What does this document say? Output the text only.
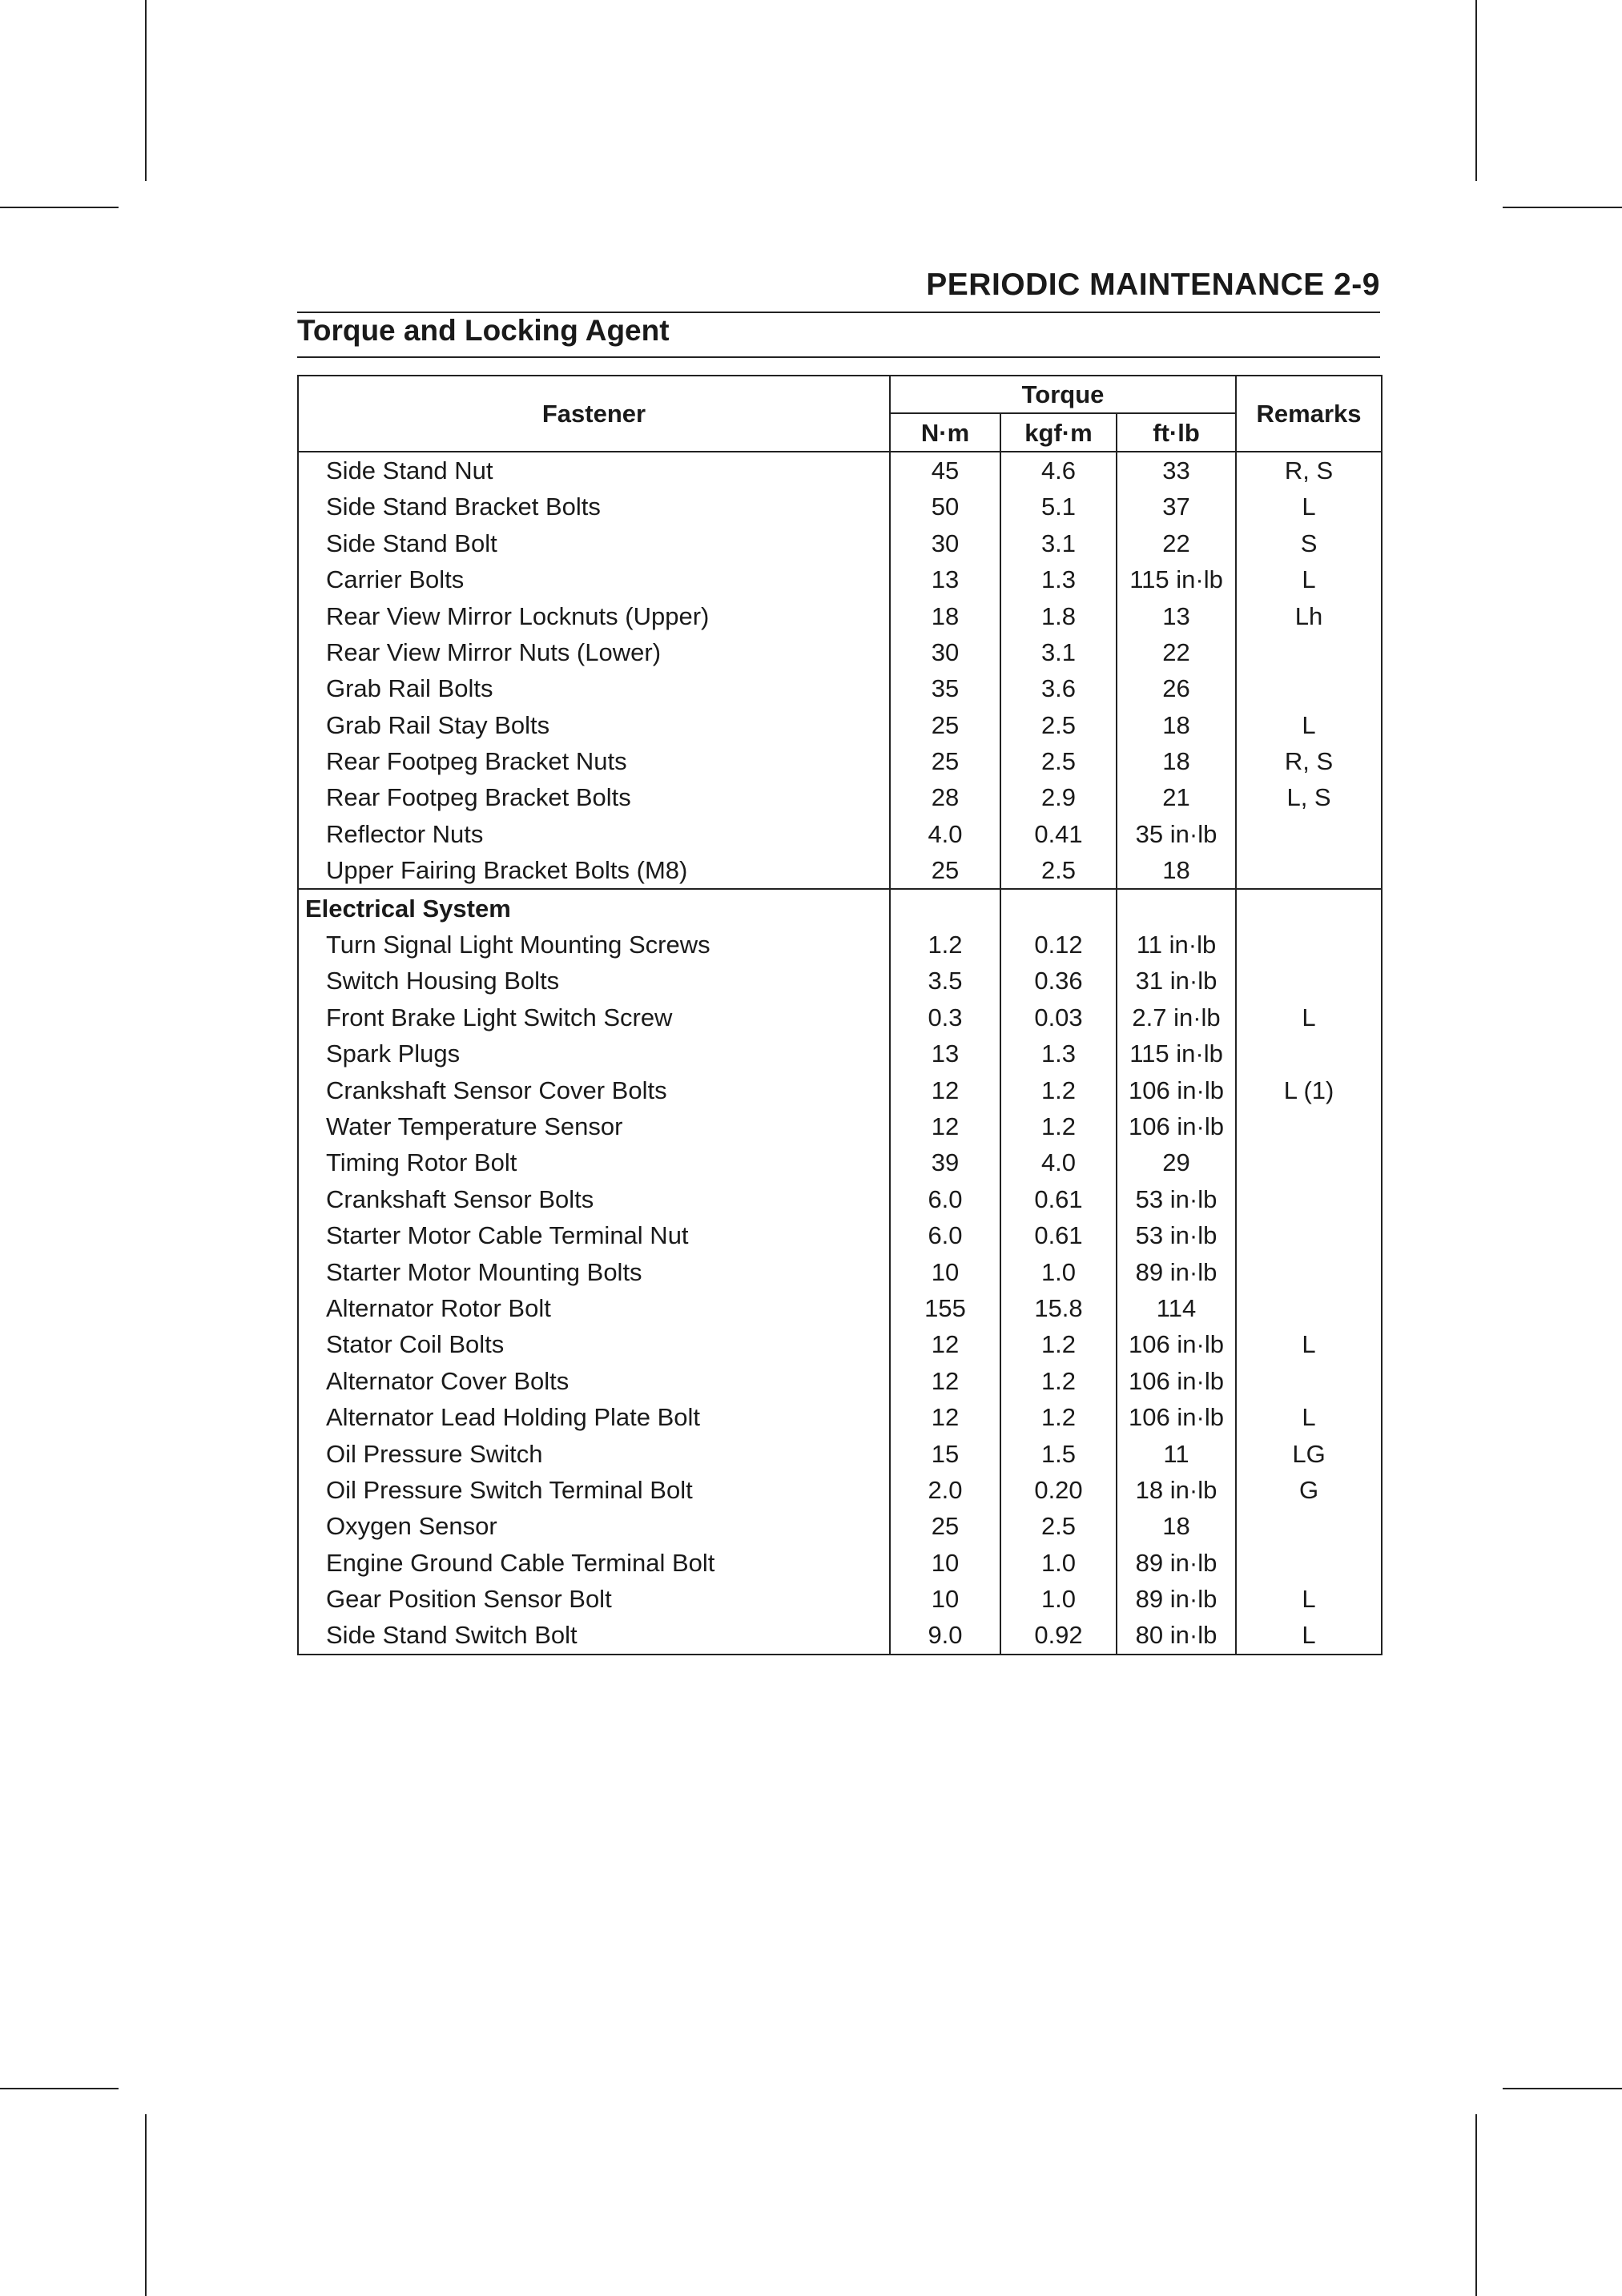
PERIODIC MAINTENANCE 2-9
Torque and Locking Agent
Fastener	Torque			Remarks
	N·m	kgf·m	ft·lb	
Side Stand Nut	45	4.6	33	R, S
Side Stand Bracket Bolts	50	5.1	37	L
Side Stand Bolt	30	3.1	22	S
Carrier Bolts	13	1.3	115 in·lb	L
Rear View Mirror Locknuts (Upper)	18	1.8	13	Lh
Rear View Mirror Nuts (Lower)	30	3.1	22	
Grab Rail Bolts	35	3.6	26	
Grab Rail Stay Bolts	25	2.5	18	L
Rear Footpeg Bracket Nuts	25	2.5	18	R, S
Rear Footpeg Bracket Bolts	28	2.9	21	L, S
Reflector Nuts	4.0	0.41	35 in·lb	
Upper Fairing Bracket Bolts (M8)	25	2.5	18	
Electrical System				
Turn Signal Light Mounting Screws	1.2	0.12	11 in·lb	
Switch Housing Bolts	3.5	0.36	31 in·lb	
Front Brake Light Switch Screw	0.3	0.03	2.7 in·lb	L
Spark Plugs	13	1.3	115 in·lb	
Crankshaft Sensor Cover Bolts	12	1.2	106 in·lb	L (1)
Water Temperature Sensor	12	1.2	106 in·lb	
Timing Rotor Bolt	39	4.0	29	
Crankshaft Sensor Bolts	6.0	0.61	53 in·lb	
Starter Motor Cable Terminal Nut	6.0	0.61	53 in·lb	
Starter Motor Mounting Bolts	10	1.0	89 in·lb	
Alternator Rotor Bolt	155	15.8	114	
Stator Coil Bolts	12	1.2	106 in·lb	L
Alternator Cover Bolts	12	1.2	106 in·lb	
Alternator Lead Holding Plate Bolt	12	1.2	106 in·lb	L
Oil Pressure Switch	15	1.5	11	LG
Oil Pressure Switch Terminal Bolt	2.0	0.20	18 in·lb	G
Oxygen Sensor	25	2.5	18	
Engine Ground Cable Terminal Bolt	10	1.0	89 in·lb	
Gear Position Sensor Bolt	10	1.0	89 in·lb	L
Side Stand Switch Bolt	9.0	0.92	80 in·lb	L
